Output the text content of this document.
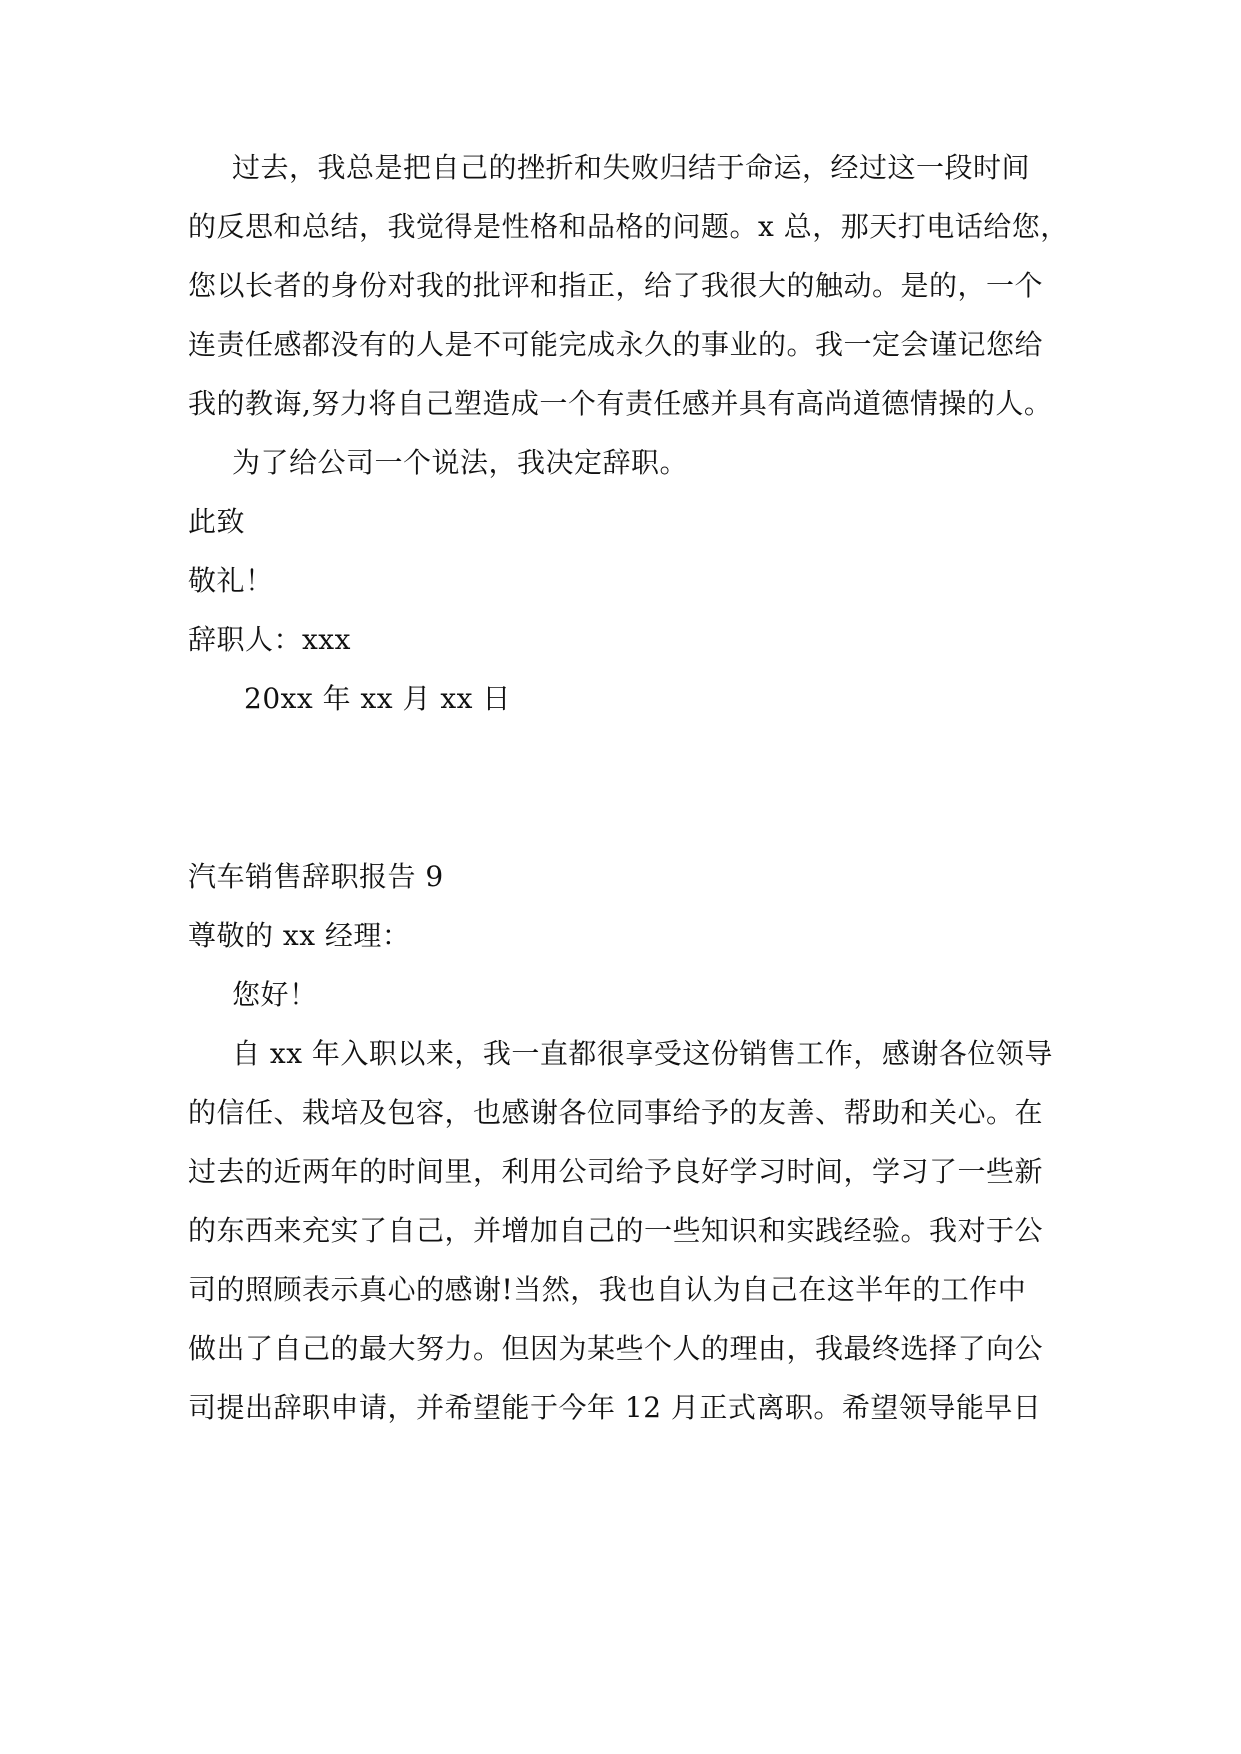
过去，我总是把自己的挫折和失败归结于命运，经过这一段时间
的反思和总结，我觉得是性格和品格的问题。x 总，那天打电话给您，
您以长者的身份对我的批评和指正，给了我很大的触动。是的，一个
连责任感都没有的人是不可能完成永久的事业的。我一定会谨记您给
我的教诲,努力将自己塑造成一个有责任感并具有高尚道德情操的人。
为了给公司一个说法，我决定辞职。
此致
敬礼！
辞职人：xxx
20xx 年 xx 月 xx 日
汽车销售辞职报告 9
尊敬的 xx 经理：
您好！
自 xx 年入职以来，我一直都很享受这份销售工作，感谢各位领导
的信任、栽培及包容，也感谢各位同事给予的友善、帮助和关心。在
过去的近两年的时间里，利用公司给予良好学习时间，学习了一些新
的东西来充实了自己，并增加自己的一些知识和实践经验。我对于公
司的照顾表示真心的感谢!当然，我也自认为自己在这半年的工作中
做出了自己的最大努力。但因为某些个人的理由，我最终选择了向公
司提出辞职申请，并希望能于今年 12 月正式离职。希望领导能早日
